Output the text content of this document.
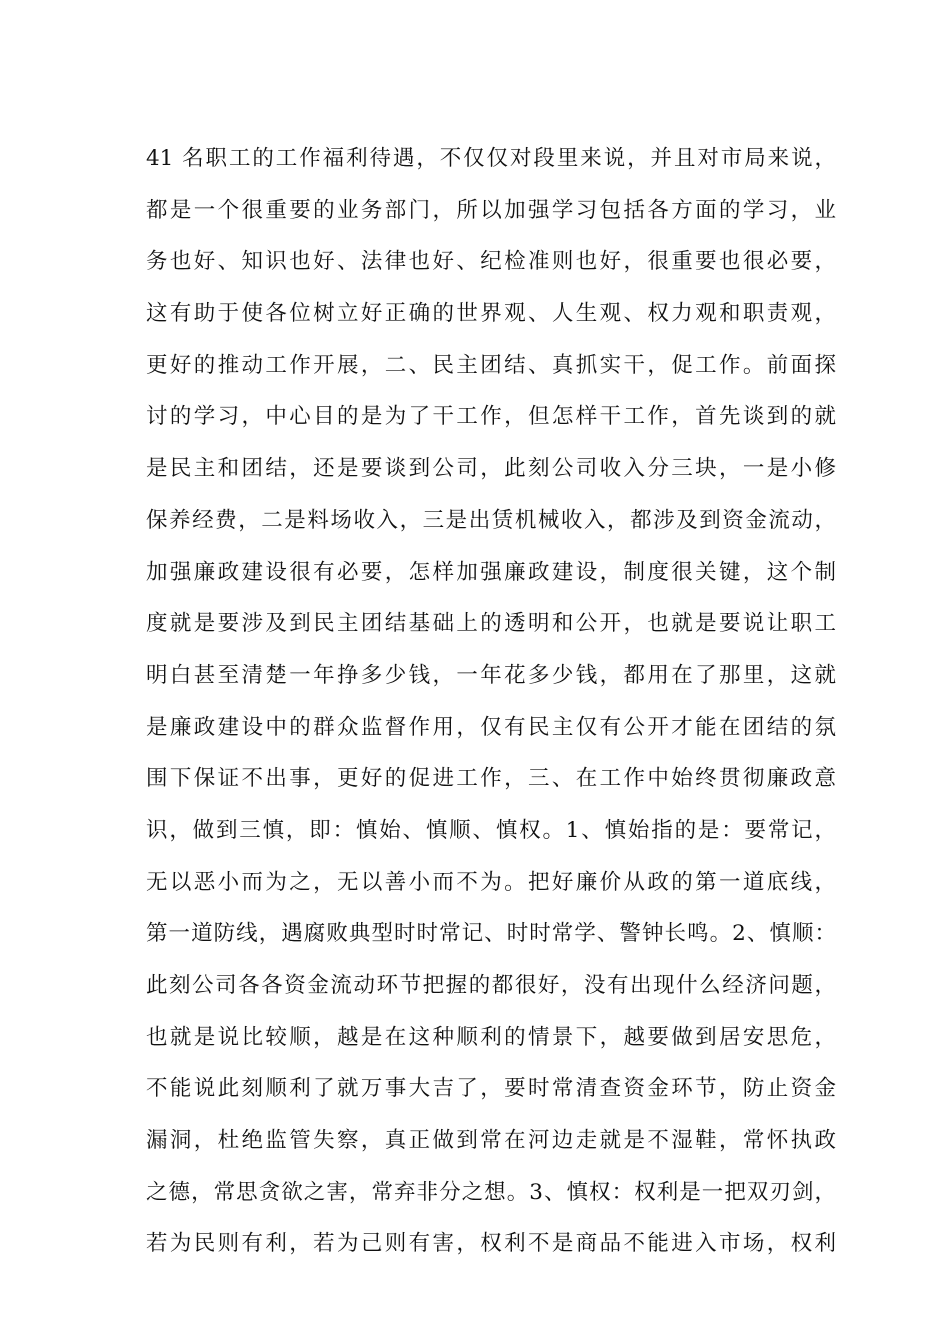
41 名职工的工作福利待遇，不仅仅对段里来说，并且对市局来说，
都是一个很重要的业务部门，所以加强学习包括各方面的学习，业
务也好、知识也好、法律也好、纪检准则也好，很重要也很必要，
这有助于使各位树立好正确的世界观、人生观、权力观和职责观，
更好的推动工作开展，二、民主团结、真抓实干，促工作。前面探
讨的学习，中心目的是为了干工作，但怎样干工作，首先谈到的就
是民主和团结，还是要谈到公司，此刻公司收入分三块，一是小修
保养经费，二是料场收入，三是出赁机械收入，都涉及到资金流动，
加强廉政建设很有必要，怎样加强廉政建设，制度很关键，这个制
度就是要涉及到民主团结基础上的透明和公开，也就是要说让职工
明白甚至清楚一年挣多少钱，一年花多少钱，都用在了那里，这就
是廉政建设中的群众监督作用，仅有民主仅有公开才能在团结的氛
围下保证不出事，更好的促进工作，三、在工作中始终贯彻廉政意
识，做到三慎，即：慎始、慎顺、慎权。1、慎始指的是：要常记，
无以恶小而为之，无以善小而不为。把好廉价从政的第一道底线，
第一道防线，遇腐败典型时时常记、时时常学、警钟长鸣。2、慎顺：
此刻公司各各资金流动环节把握的都很好，没有出现什么经济问题，
也就是说比较顺，越是在这种顺利的情景下，越要做到居安思危，
不能说此刻顺利了就万事大吉了，要时常清查资金环节，防止资金
漏洞，杜绝监管失察，真正做到常在河边走就是不湿鞋，常怀执政
之德，常思贪欲之害，常弃非分之想。3、慎权：权利是一把双刃剑，
若为民则有利，若为己则有害，权利不是商品不能进入市场，权利
